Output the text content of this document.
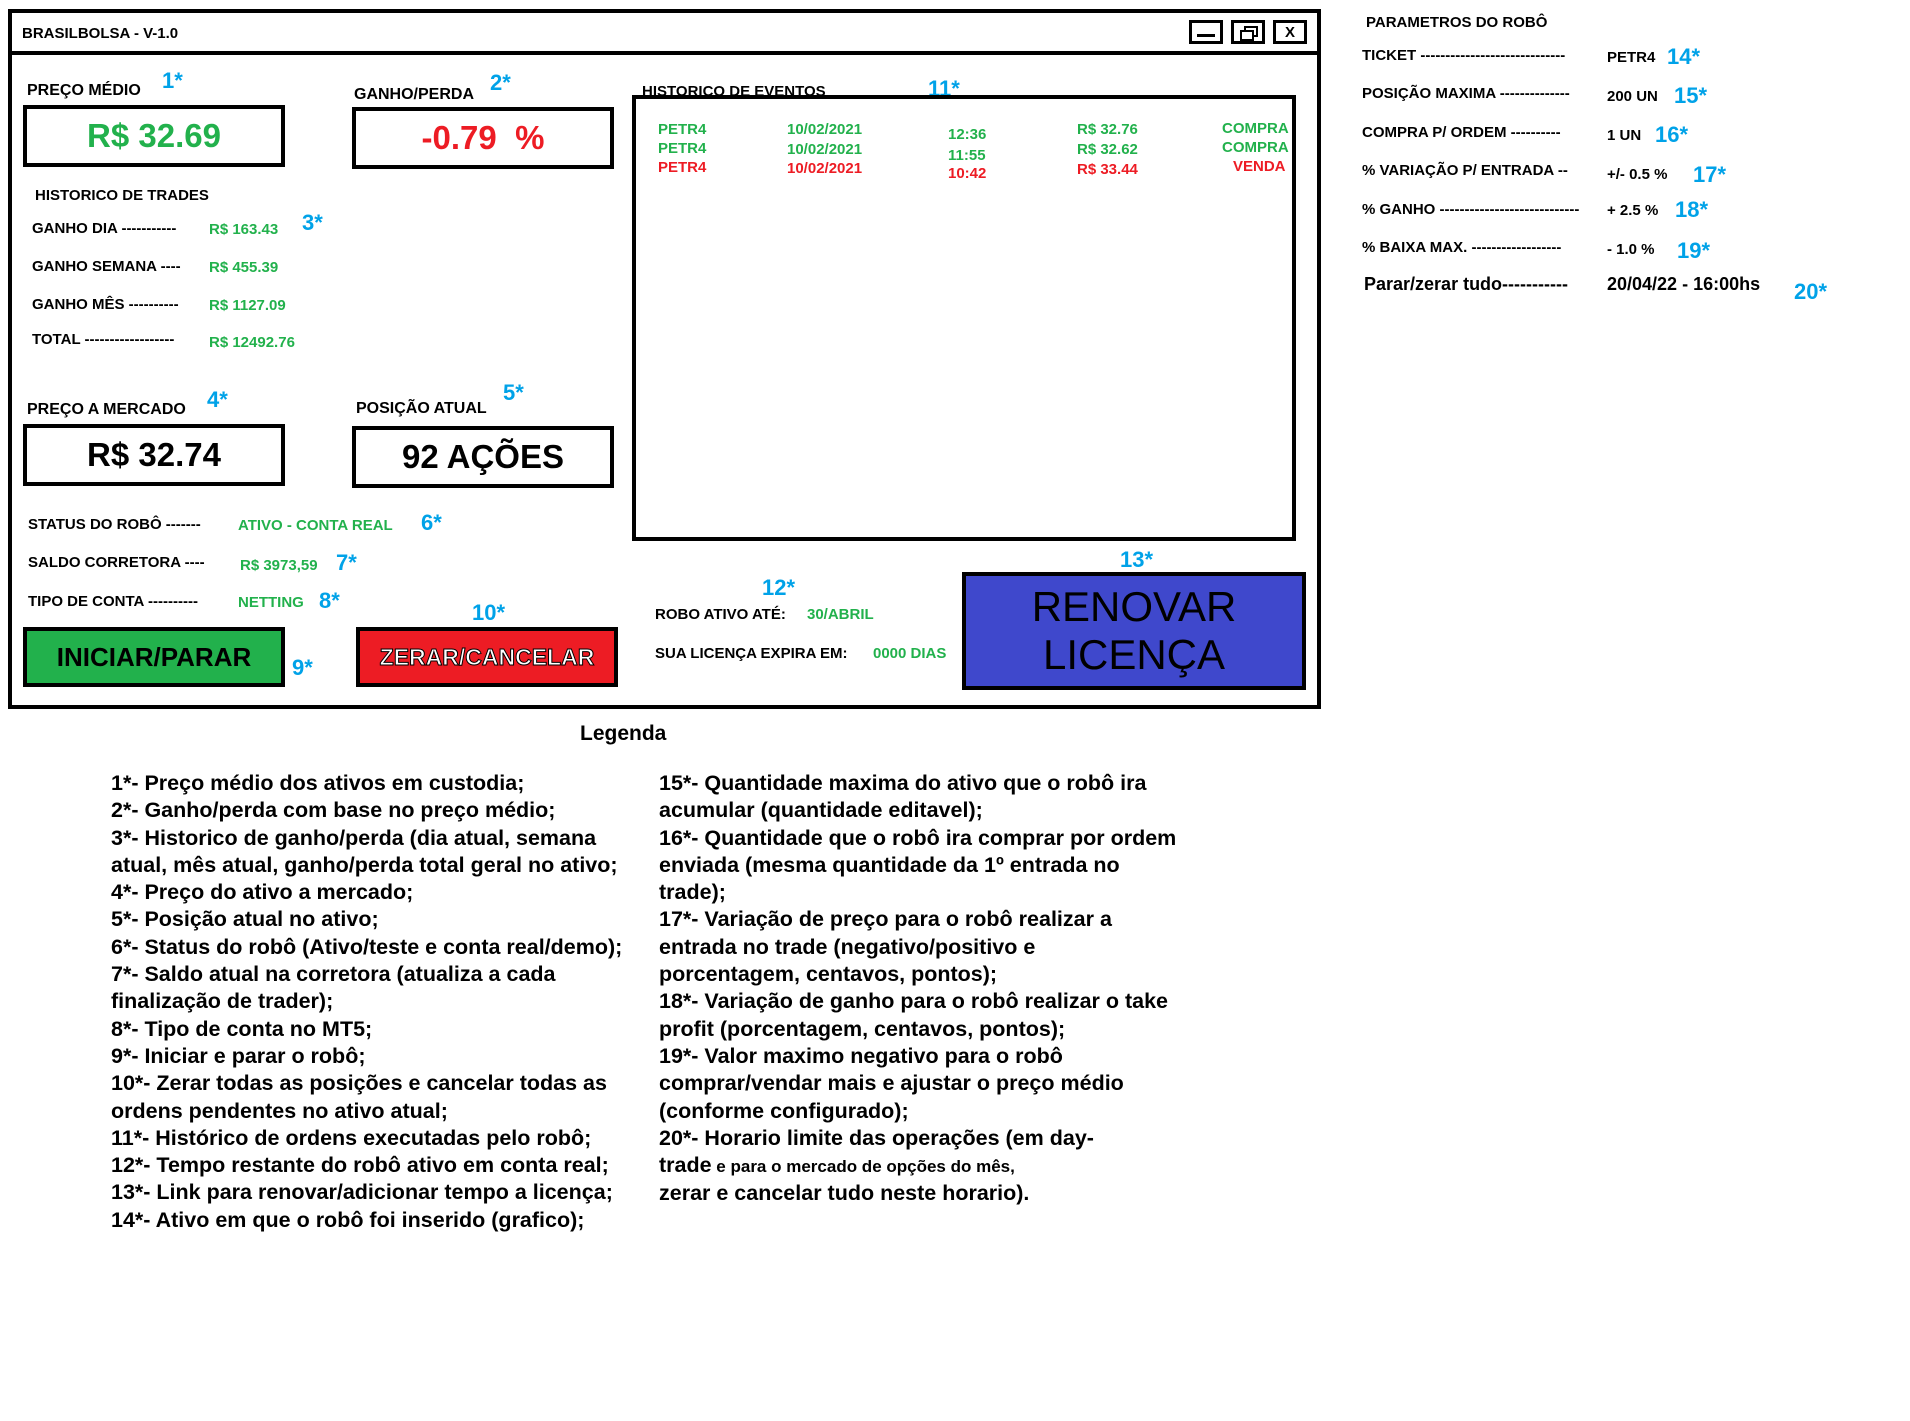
BRASILBOLSA - V-1.0	X
PREÇO MÉDIO 1*
R$ 32.69
GANHO/PERDA 2*
-0.79  %
HISTORICO DE TRADES
3*
GANHO DIA ----------- R$ 163.43
GANHO SEMANA ---- R$ 455.39
GANHO MÊS ---------- R$ 1127.09
TOTAL ------------------ R$ 12492.76
PREÇO A MERCADO 4*
R$ 32.74
POSIÇÃO ATUAL
5*
92 AÇÕES
STATUS DO ROBÔ ------- ATIVO - CONTA REAL 6*
SALDO CORRETORA ---- R$ 3973,59 7*
TIPO DE CONTA ----------	NETTING 8*
INICIAR/PARAR 9*
10*
ZERAR/CANCELAR
HISTORICO DE EVENTOS	11*
PETR4	10/02/2021	12:36	R$ 32.76	COMPRA
PETR4	10/02/2021	11:55	R$ 32.62	COMPRA
PETR4	10/02/2021	10:42	R$ 33.44	VENDA
12*
ROBO ATIVO ATÉ: 30/ABRIL
SUA LICENÇA EXPIRA EM: 0000 DIAS
13*
RENOVAR
LICENÇA
PARAMETROS DO ROBÔ
TICKET -----------------------------	PETR4 14*
POSIÇÃO MAXIMA -------------- 200 UN 15*
COMPRA P/ ORDEM ----------	1 UN 16*
% VARIAÇÃO P/ ENTRADA --	+/- 0.5 % 17*
% GANHO ---------------------------- + 2.5 % 18*
% BAIXA MAX. ------------------	- 1.0 % 19*
Parar/zerar tudo----------- 20/04/22 - 16:00hs 20*
Legenda
1*- Preço médio dos ativos em custodia;
2*- Ganho/perda com base no preço médio;
3*- Historico de ganho/perda (dia atual, semana atual, mês atual, ganho/perda total geral no ativo;
4*- Preço do ativo a mercado;
5*- Posição atual no ativo;
6*- Status do robô (Ativo/teste e conta real/demo);
7*- Saldo atual na corretora (atualiza a cada finalização de trader);
8*- Tipo de conta no MT5;
9*- Iniciar e parar o robô;
10*- Zerar todas as posições e cancelar todas as ordens pendentes no ativo atual;
11*- Histórico de ordens executadas pelo robô;
12*- Tempo restante do robô ativo em conta real;
13*- Link para renovar/adicionar tempo a licença;
14*- Ativo em que o robô foi inserido (grafico);
15*- Quantidade maxima do ativo que o robô ira acumular (quantidade editavel);
16*- Quantidade que o robô ira comprar por ordem enviada (mesma quantidade da 1º entrada no trade);
17*- Variação de preço para o robô realizar a entrada no trade (negativo/positivo e porcentagem, centavos, pontos);
18*- Variação de ganho para o robô realizar o take profit (porcentagem, centavos, pontos);
19*- Valor maximo negativo para o robô comprar/vendar mais e ajustar o preço médio (conforme configurado);
20*- Horario limite das operações (em day-
trade e para o mercado de opções do mês,
zerar e cancelar tudo neste horario).
